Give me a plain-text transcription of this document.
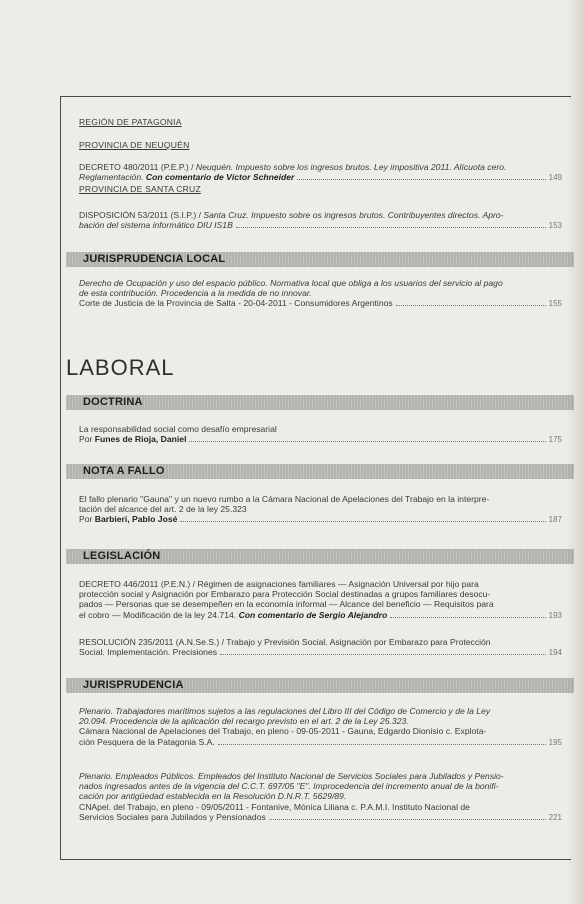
REGIÓN DE PATAGONIA
PROVINCIA DE NEUQUÉN
DECRETO 480/2011 (P.E.P.) / Neuquén. Impuesto sobre los ingresos brutos. Ley impositiva 2011. Alícuota cero.
Reglamentación. Con comentario de Víctor Schneider	149
PROVINCIA DE SANTA CRUZ
DISPOSICIÓN 53/2011 (S.I.P.) / Santa Cruz. Impuesto sobre os ingresos brutos. Contribuyentes directos. Apro-
bación del sistema informático DIU IS1B	153
JURISPRUDENCIA LOCAL
Derecho de Ocupación y uso del espacio público. Normativa local que obliga a los usuarios del servicio al pago
de esta contribución. Procedencia a la medida de no innovar.
Corte de Justicia de la Provincia de Salta - 20-04-2011 - Consumidores Argentinos	155
LABORAL
DOCTRINA
La responsabilidad social como desafío empresarial
Por Funes de Rioja, Daniel	175
NOTA A FALLO
El fallo plenario "Gauna" y un nuevo rumbo a la Cámara Nacional de Apelaciones del Trabajo en la interpre-
tación del alcance del art. 2 de la ley 25.323
Por Barbieri, Pablo José	187
LEGISLACIÓN
DECRETO 446/2011 (P.E.N.) / Régimen de asignaciones familiares — Asignación Universal por hijo para
protección social y Asignación por Embarazo para Protección Social destinadas a grupos familiares desocu-
pados — Personas que se desempeñen en la economía informal — Alcance del beneficio — Requisitos para
el cobro — Modificación de la ley 24.714. Con comentario de Sergio Alejandro	193
RESOLUCIÓN 235/2011 (A.N.Se.S.) / Trabajo y Previsión Social. Asignación por Embarazo para Protección
Social. Implementación. Precisiones	194
JURISPRUDENCIA
Plenario. Trabajadores marítimos sujetos a las regulaciones del Libro III del Código de Comercio y de la Ley
20.094. Procedencia de la aplicación del recargo previsto en el art. 2 de la Ley 25.323.
Cámara Nacional de Apelaciones del Trabajo, en pleno - 09-05-2011 - Gauna, Edgardo Dionisio c. Explota-
ción Pesquera de la Patagonia S.A.	195
Plenario. Empleados Públicos. Empleados del Instituto Nacional de Servicios Sociales para Jubilados y Pensio-
nados ingresados antes de la vigencia del C.C.T. 697/05 "E". Improcedencia del incremento anual de la bonifi-
cación por antigüedad establecida en la Resolución D.N.R.T. 5629/89.
CNApel. del Trabajo, en pleno - 09/05/2011 - Fontanive, Mónica Liliana c. P.A.M.I. Instituto Nacional de
Servicios Sociales para Jubilados y Pensionados	221
